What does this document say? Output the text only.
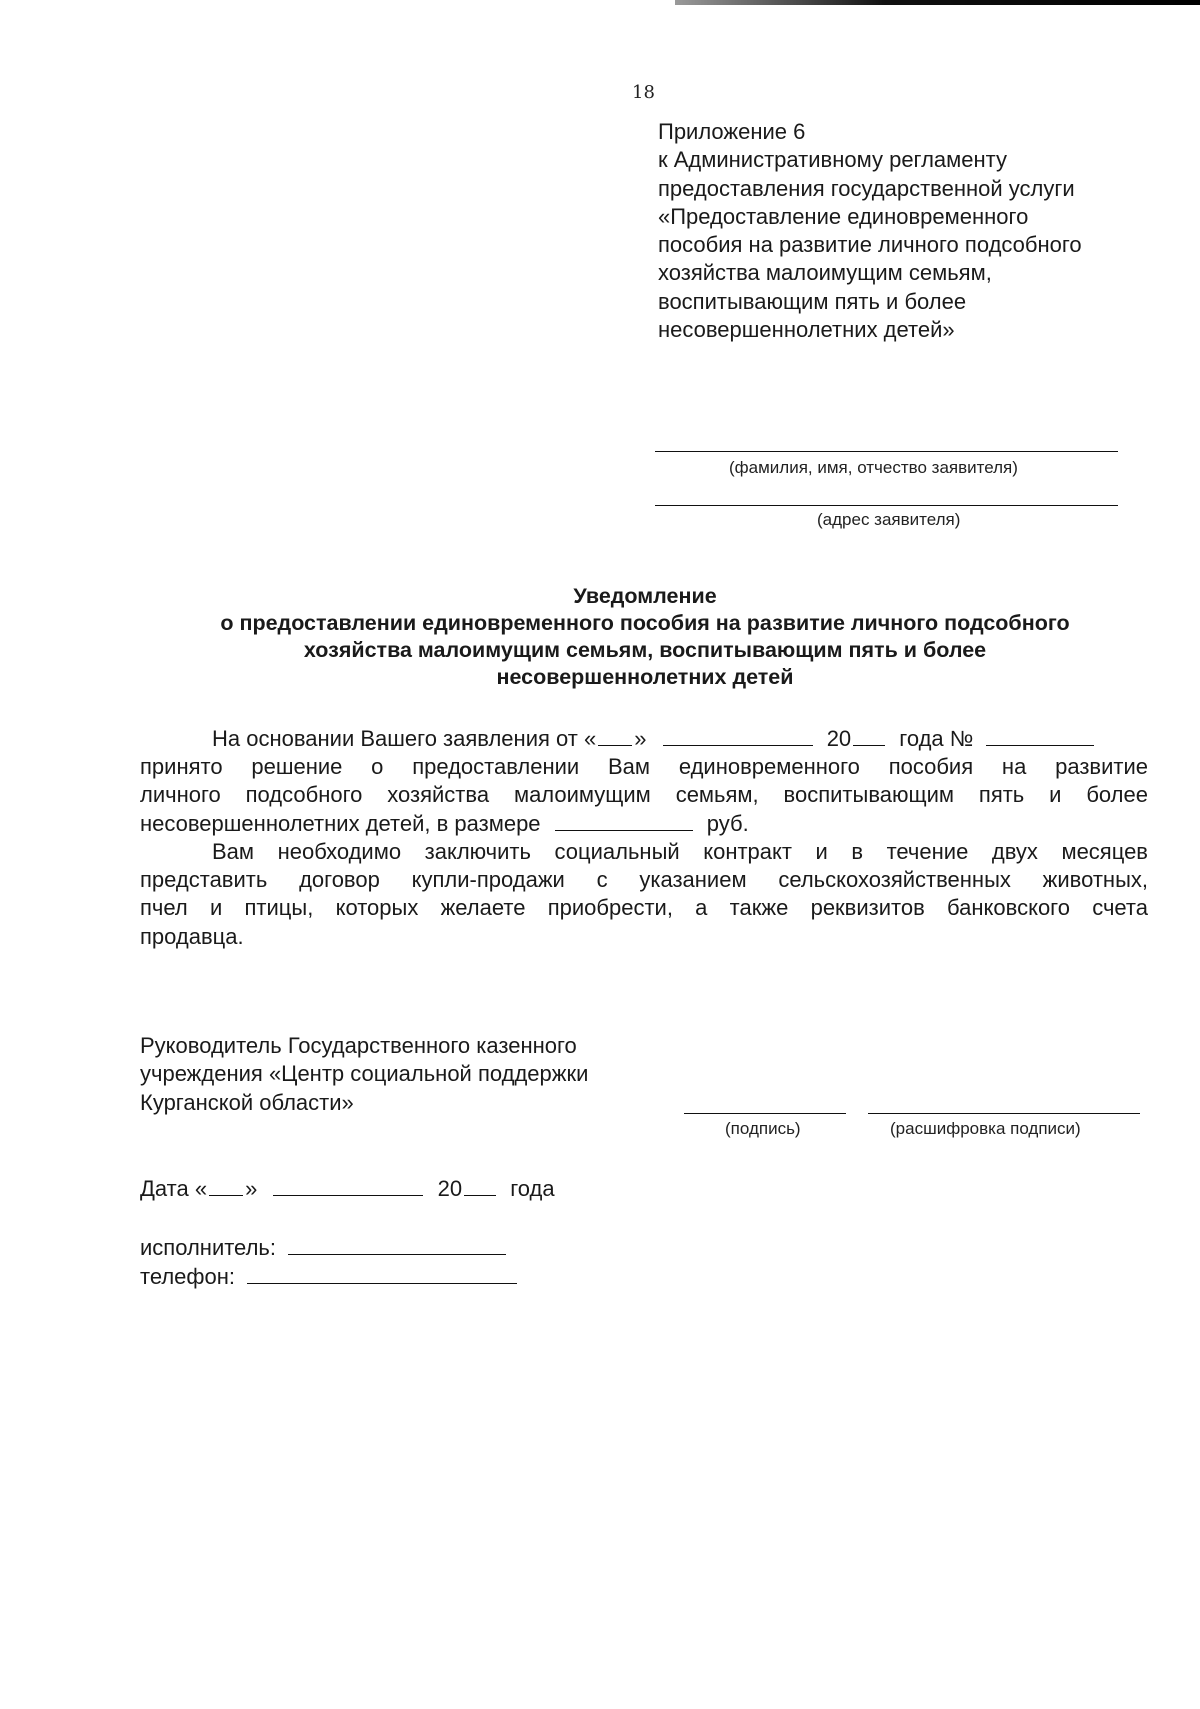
18
Приложение 6
к Административному регламенту
предоставления государственной услуги
«Предоставление единовременного
пособия на развитие личного подсобного
хозяйства малоимущим семьям,
воспитывающим пять и более
несовершеннолетних детей»
(фамилия, имя, отчество заявителя)
(адрес заявителя)
Уведомление
о предоставлении единовременного пособия на развитие личного подсобного
хозяйства малоимущим семьям, воспитывающим пять и более
несовершеннолетних детей
На основании Вашего заявления от « »	20 года №
принято решение о предоставлении Вам единовременного пособия на развитие
личного подсобного хозяйства малоимущим семьям, воспитывающим пять и более
несовершеннолетних детей, в размере	руб.
Вам необходимо заключить социальный контракт и в течение двух месяцев
представить договор купли-продажи с указанием сельскохозяйственных животных,
пчел и птицы, которых желаете приобрести, а также реквизитов банковского счета
продавца.
Руководитель Государственного казенного
учреждения «Центр социальной поддержки
Курганской области»
(подпись)	(расшифровка подписи)
Дата « »	20 года
исполнитель:
телефон:
